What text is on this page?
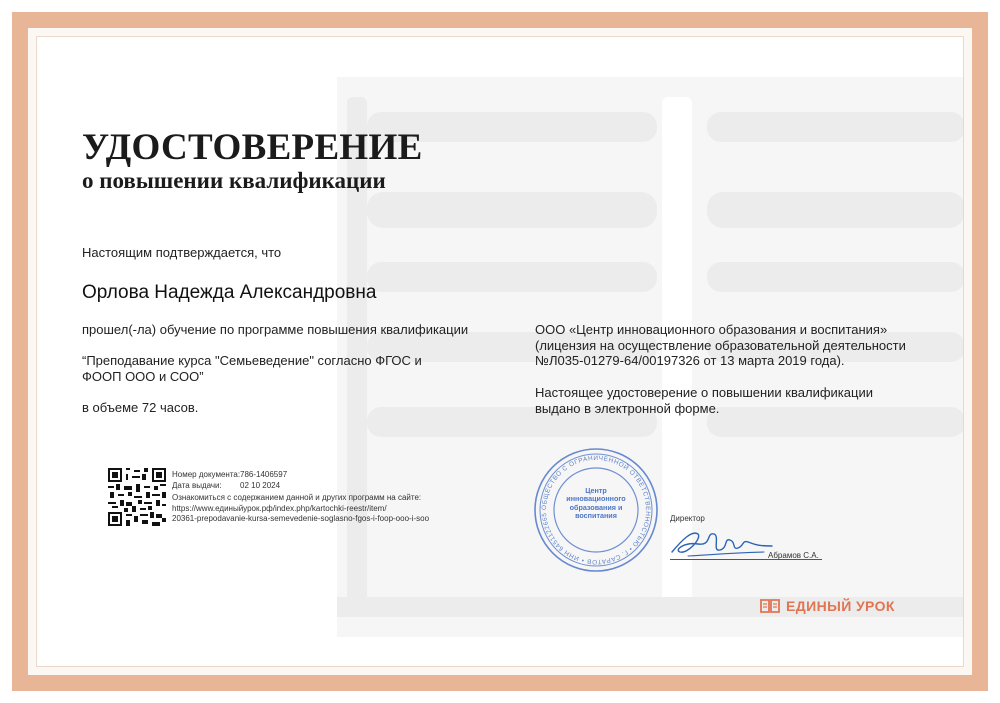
УДОСТОВЕРЕНИЕ
о повышении квалификации

Настоящим подтверждается, что

Орлова Надежда Александровна

прошел(-ла) обучение по программе повышения квалификации

“Преподавание курса "Семьеведение" согласно ФГОС и

ФООП ООО и СОО”

в объеме 72 часов.

ООО «Центр инновационного образования и воспитания»

(лицензия на осуществление образовательной деятельности

№Л035-01279-64/00197326 от 13 марта 2019 года).

Настоящее удостоверение о повышении квалификации

выдано в электронной форме.

Номер документа:786-1406597
Дата выдачи: 02 10 2024
Ознакомиться с содержанием данной и других программ на сайте:
https://www.единыйурок.рф/index.php/kartochki-reestr/item/
20361-prepodavanie-kursa-semevedenie-soglasno-fgos-i-foop-ooo-i-soo
ОБЩЕСТВО С ОГРАНИЧЕННОЙ ОТВЕТСТВЕННОСТЬЮ • Г. САРАТОВ • ИНН 6451122665
Центр инновационного образования и воспитания	Директор
Абрамов С.А.
ЕДИНЫЙ УРОК
